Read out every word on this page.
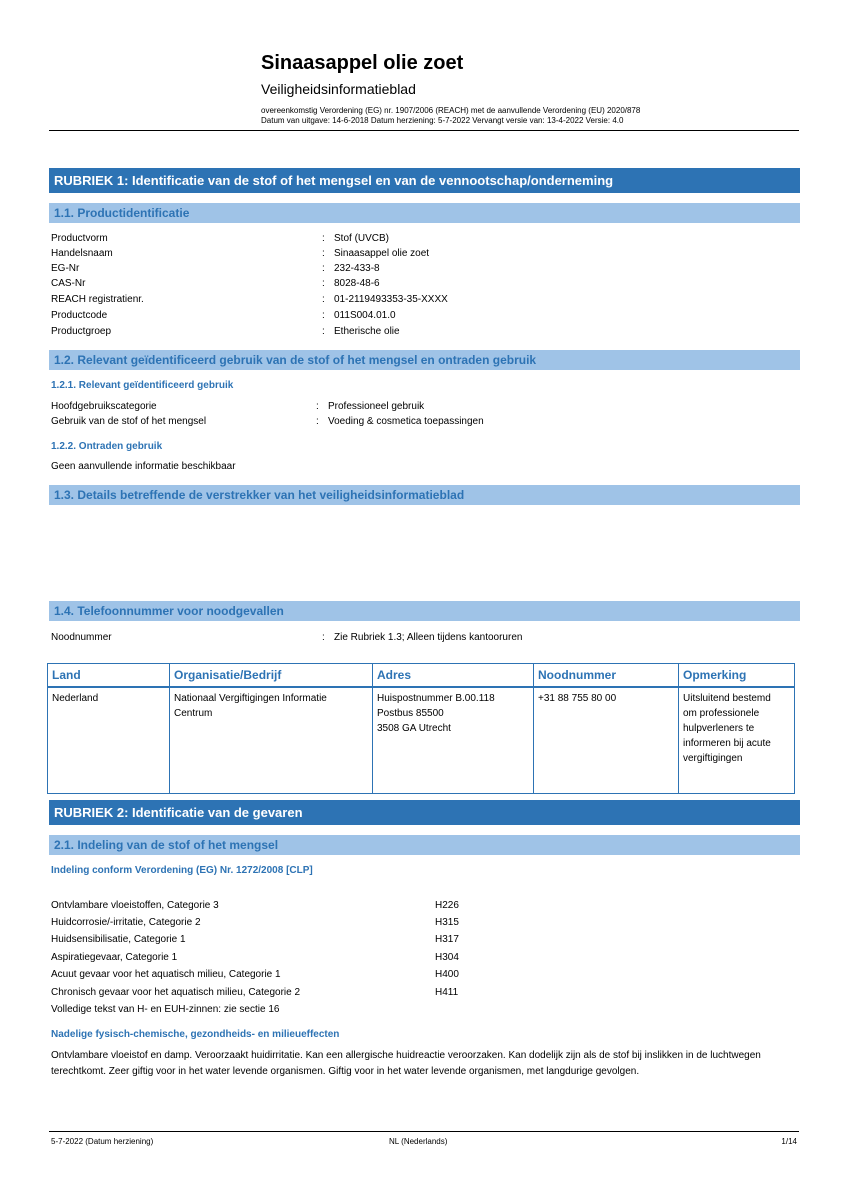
Sinaasappel olie zoet
Veiligheidsinformatieblad
overeenkomstig Verordening (EG) nr. 1907/2006 (REACH) met de aanvullende Verordening (EU) 2020/878
Datum van uitgave: 14-6-2018 Datum herziening: 5-7-2022 Vervangt versie van: 13-4-2022 Versie: 4.0
RUBRIEK 1: Identificatie van de stof of het mengsel en van de vennootschap/onderneming
1.1. Productidentificatie
Productvorm	: Stof (UVCB)
Handelsnaam	: Sinaasappel olie zoet
EG-Nr	: 232-433-8
CAS-Nr	: 8028-48-6
REACH registratienr.	: 01-2119493353-35-XXXX
Productcode	: 011S004.01.0
Productgroep	: Etherische olie
1.2. Relevant geïdentificeerd gebruik van de stof of het mengsel en ontraden gebruik
1.2.1. Relevant geïdentificeerd gebruik
Hoofdgebruikscategorie	: Professioneel gebruik
Gebruik van de stof of het mengsel	: Voeding & cosmetica toepassingen
1.2.2. Ontraden gebruik
Geen aanvullende informatie beschikbaar
1.3. Details betreffende de verstrekker van het veiligheidsinformatieblad
1.4. Telefoonnummer voor noodgevallen
Noodnummer	: Zie Rubriek 1.3; Alleen tijdens kantooruren
Land	Organisatie/Bedrijf	Adres	Noodnummer	Opmerking
Nederland	Nationaal Vergiftigingen Informatie
Centrum	Huispostnummer B.00.118
Postbus 85500
3508 GA Utrecht	+31 88 755 80 00	Uitsluitend bestemd
om professionele
hulpverleners te
informeren bij acute
vergiftigingen
RUBRIEK 2: Identificatie van de gevaren
2.1. Indeling van de stof of het mengsel
Indeling conform Verordening (EG) Nr. 1272/2008 [CLP]
Ontvlambare vloeistoffen, Categorie 3	H226
Huidcorrosie/-irritatie, Categorie 2	H315
Huidsensibilisatie, Categorie 1	H317
Aspiratiegevaar, Categorie 1	H304
Acuut gevaar voor het aquatisch milieu, Categorie 1	H400
Chronisch gevaar voor het aquatisch milieu, Categorie 2	H411
Volledige tekst van H- en EUH-zinnen: zie sectie 16
Nadelige fysisch-chemische, gezondheids- en milieueffecten
Ontvlambare vloeistof en damp. Veroorzaakt huidirritatie. Kan een allergische huidreactie veroorzaken. Kan dodelijk zijn als de stof bij inslikken in de luchtwegen terechtkomt. Zeer giftig voor in het water levende organismen. Giftig voor in het water levende organismen, met langdurige gevolgen.
5-7-2022 (Datum herziening)	NL (Nederlands)	1/14
